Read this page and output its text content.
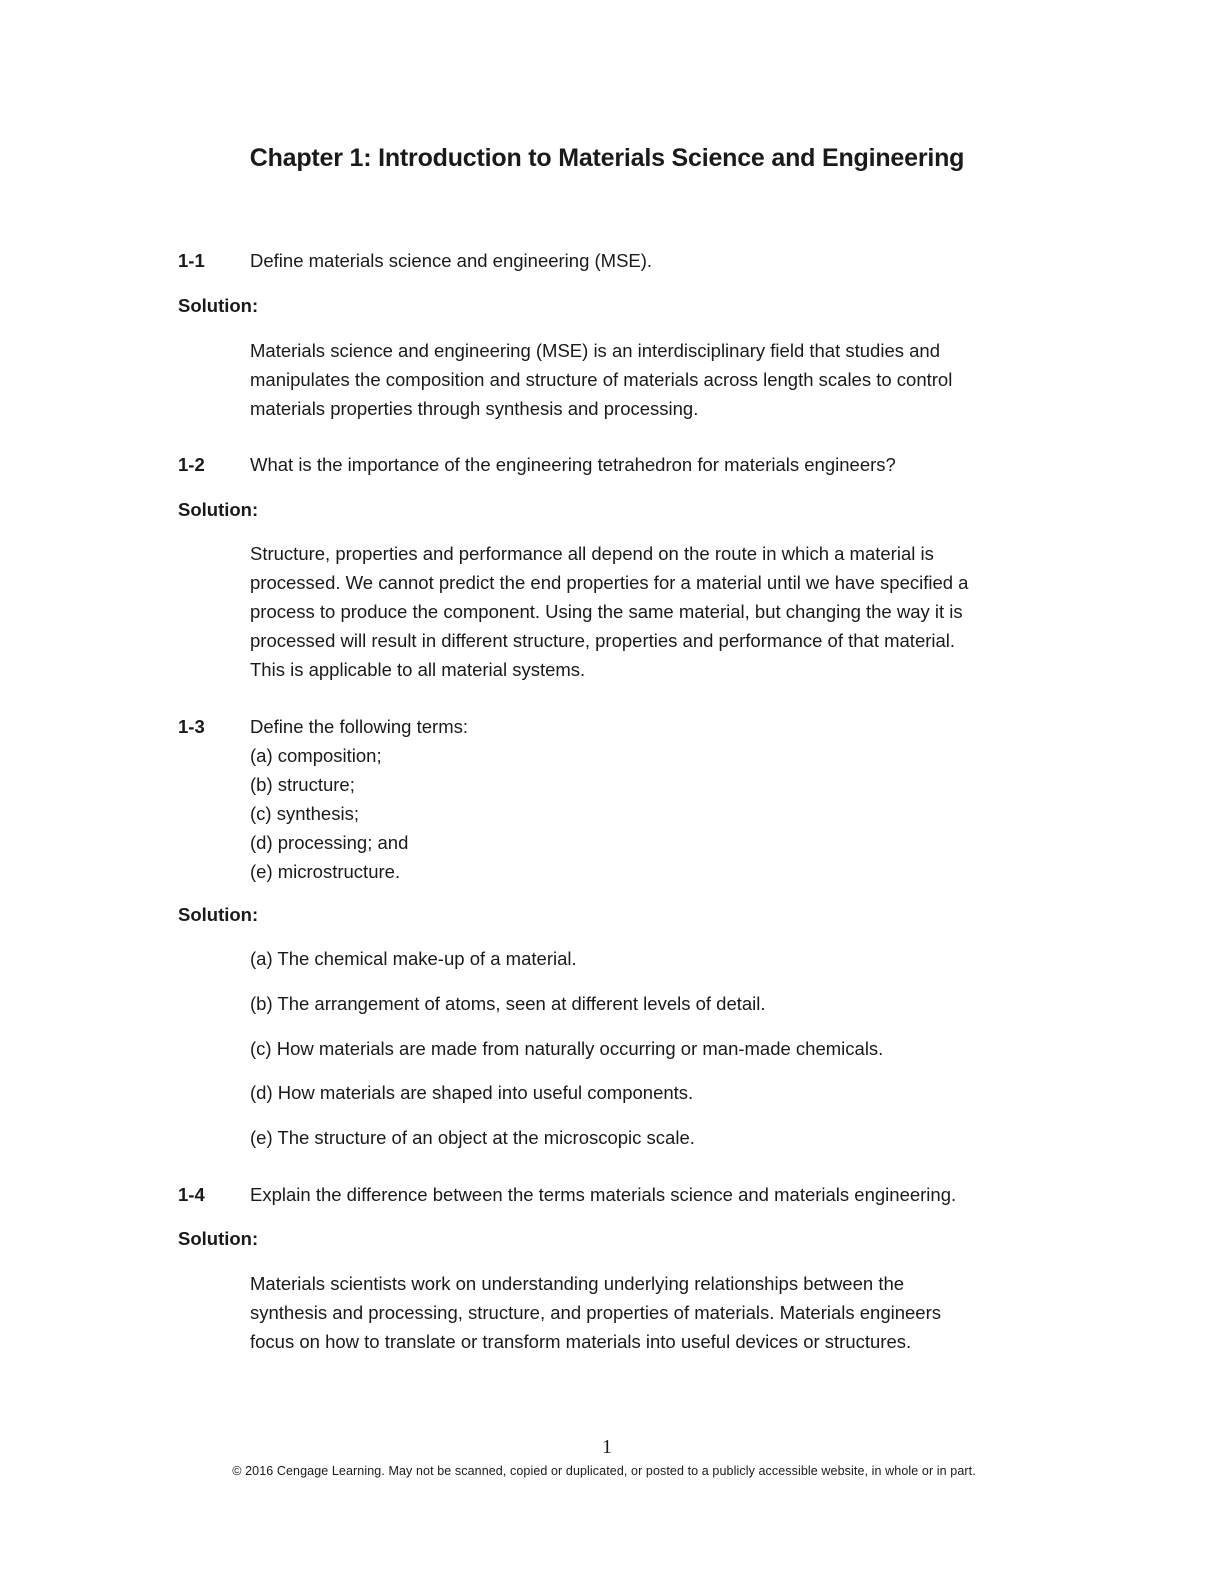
Chapter 1: Introduction to Materials Science and Engineering
1-1 Define materials science and engineering (MSE).
Solution:
Materials science and engineering (MSE) is an interdisciplinary field that studies and
manipulates the composition and structure of materials across length scales to control
materials properties through synthesis and processing.
1-2 What is the importance of the engineering tetrahedron for materials engineers?
Solution:
Structure, properties and performance all depend on the route in which a material is
processed. We cannot predict the end properties for a material until we have specified a
process to produce the component. Using the same material, but changing the way it is
processed will result in different structure, properties and performance of that material.
This is applicable to all material systems.
1-3 Define the following terms:
(a) composition;
(b) structure;
(c) synthesis;
(d) processing; and
(e) microstructure.
Solution:
(a) The chemical make-up of a material.
(b) The arrangement of atoms, seen at different levels of detail.
(c) How materials are made from naturally occurring or man-made chemicals.
(d) How materials are shaped into useful components.
(e) The structure of an object at the microscopic scale.
1-4 Explain the difference between the terms materials science and materials engineering.
Solution:
Materials scientists work on understanding underlying relationships between the
synthesis and processing, structure, and properties of materials. Materials engineers
focus on how to translate or transform materials into useful devices or structures.
1
© 2016 Cengage Learning. May not be scanned, copied or duplicated, or posted to a publicly accessible website, in whole or in part.
